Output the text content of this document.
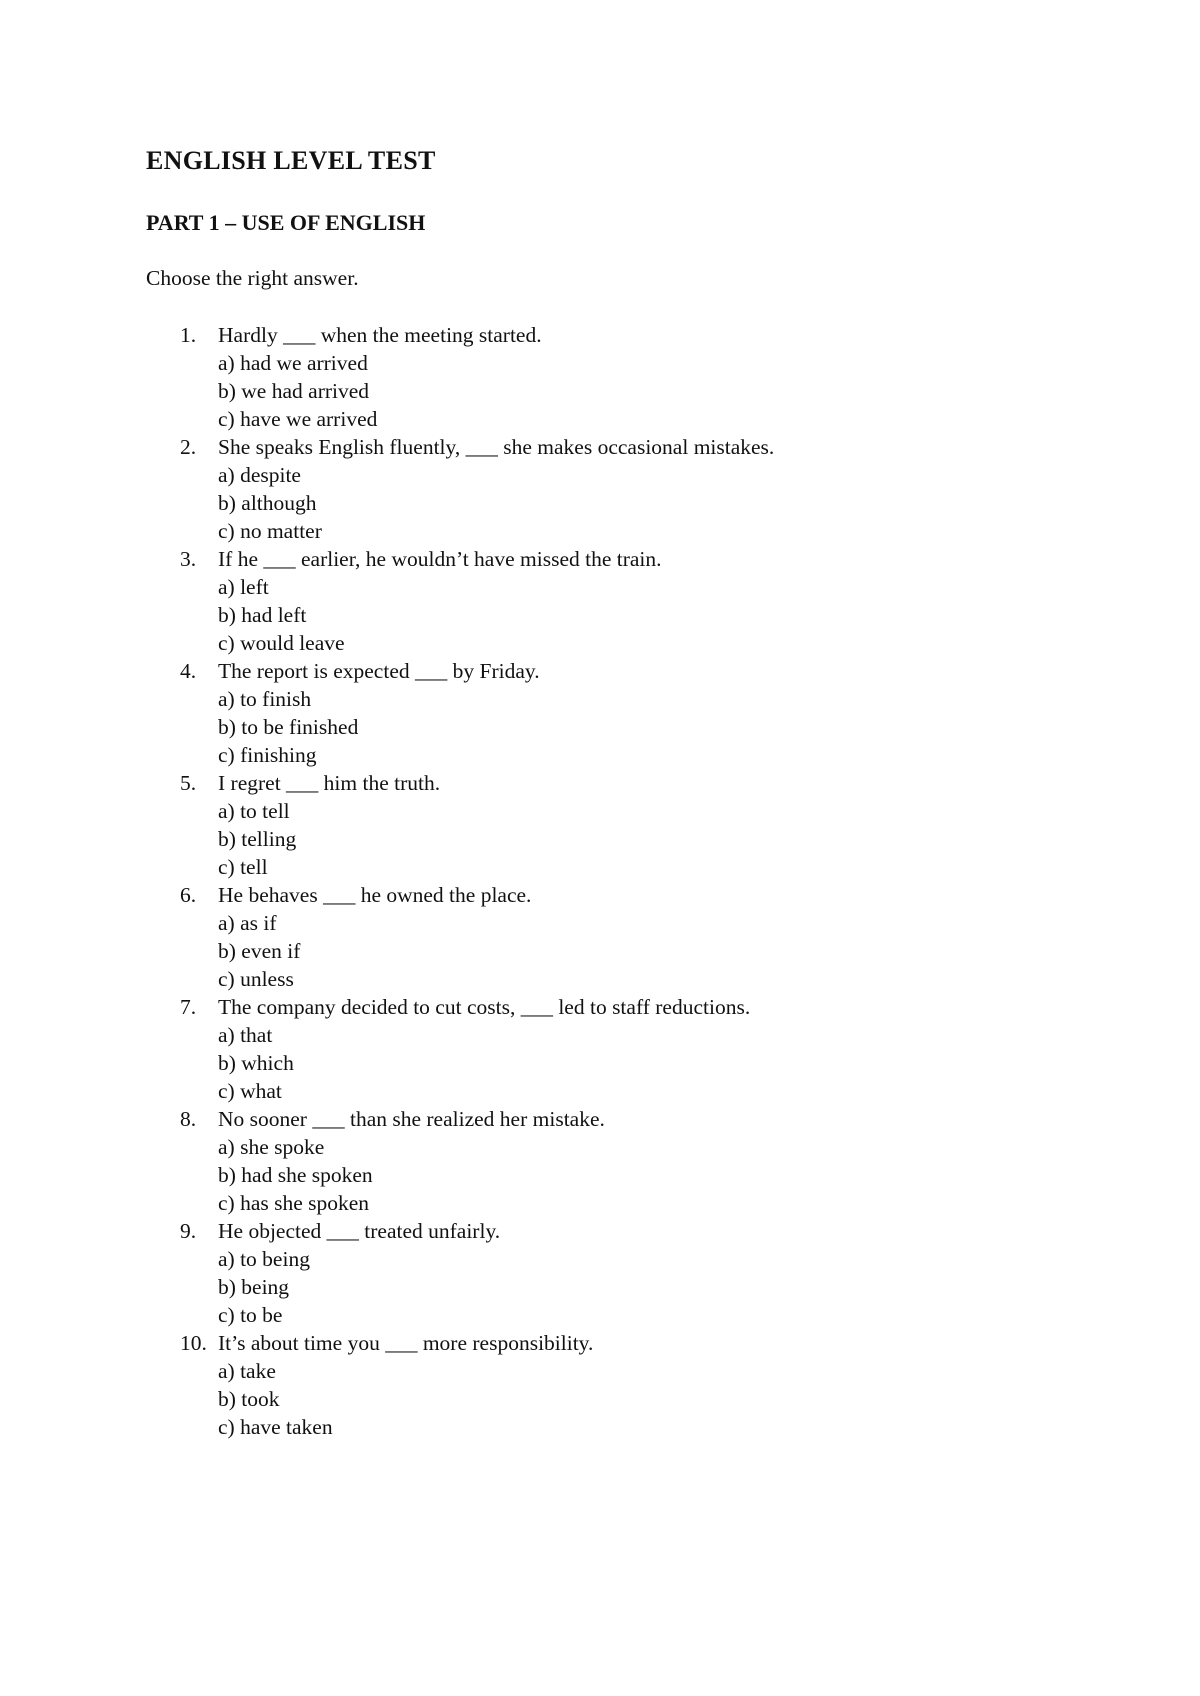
ENGLISH LEVEL TEST
PART 1 – USE OF ENGLISH

Choose the right answer.

1. Hardly ___ when the meeting started.
a) had we arrived
b) we had arrived
c) have we arrived
2. She speaks English fluently, ___ she makes occasional mistakes.
a) despite
b) although
c) no matter
3. If he ___ earlier, he wouldn’t have missed the train.
a) left
b) had left
c) would leave
4. The report is expected ___ by Friday.
a) to finish
b) to be finished
c) finishing
5. I regret ___ him the truth.
a) to tell
b) telling
c) tell
6. He behaves ___ he owned the place.
a) as if
b) even if
c) unless
7. The company decided to cut costs, ___ led to staff reductions.
a) that
b) which
c) what
8. No sooner ___ than she realized her mistake.
a) she spoke
b) had she spoken
c) has she spoken
9. He objected ___ treated unfairly.
a) to being
b) being
c) to be
10. It’s about time you ___ more responsibility.
a) take
b) took
c) have taken
